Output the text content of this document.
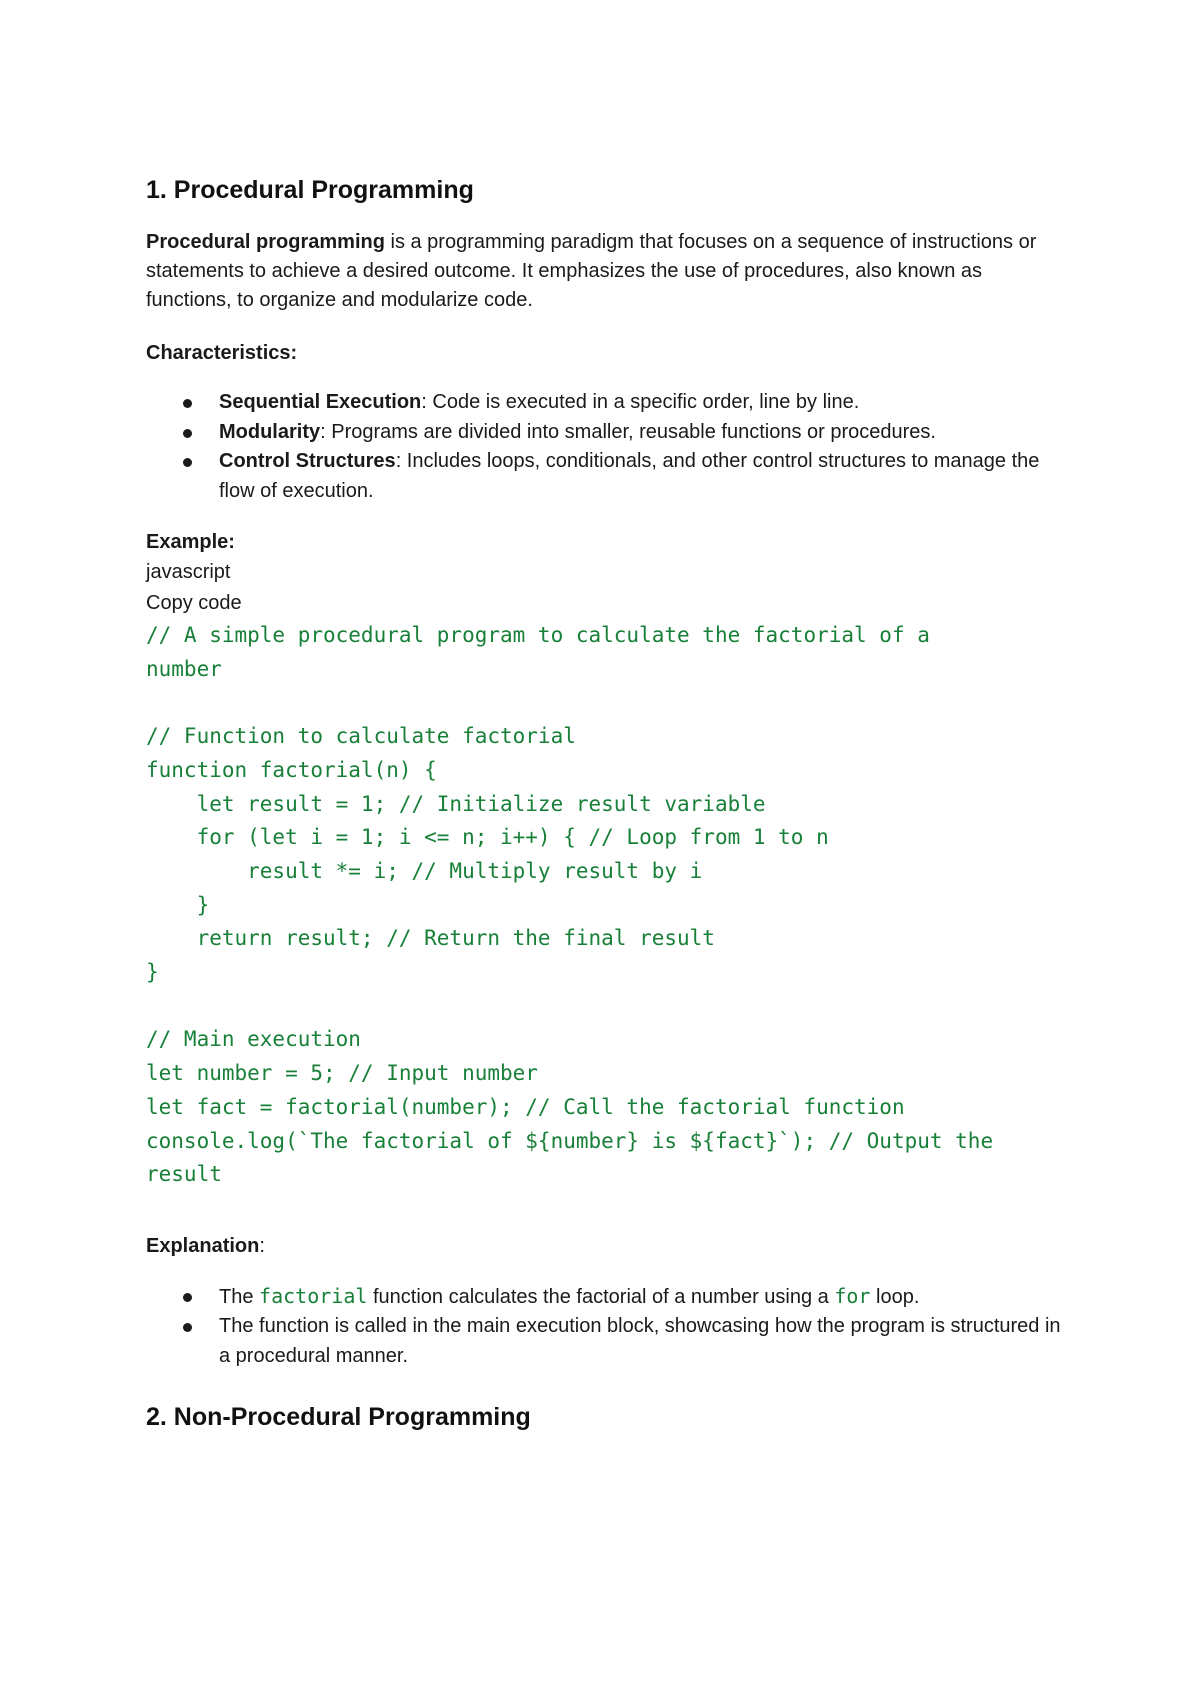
1. Procedural Programming

Procedural programming is a programming paradigm that focuses on a sequence of instructions or statements to achieve a desired outcome. It emphasizes the use of procedures, also known as functions, to organize and modularize code.

Characteristics:

Sequential Execution: Code is executed in a specific order, line by line.
Modularity: Programs are divided into smaller, reusable functions or procedures.
Control Structures: Includes loops, conditionals, and other control structures to manage the flow of execution.

Example:

javascript

Copy code

// A simple procedural program to calculate the factorial of a
number

// Function to calculate factorial
function factorial(n) {
let result = 1; // Initialize result variable
for (let i = 1; i <= n; i++) { // Loop from 1 to n
result *= i; // Multiply result by i
}
return result; // Return the final result
}

// Main execution
let number = 5; // Input number
let fact = factorial(number); // Call the factorial function
console.log(`The factorial of ${number} is ${fact}`); // Output the
result

Explanation:

The factorial function calculates the factorial of a number using a for loop.
The function is called in the main execution block, showcasing how the program is structured in a procedural manner.
2. Non-Procedural Programming
